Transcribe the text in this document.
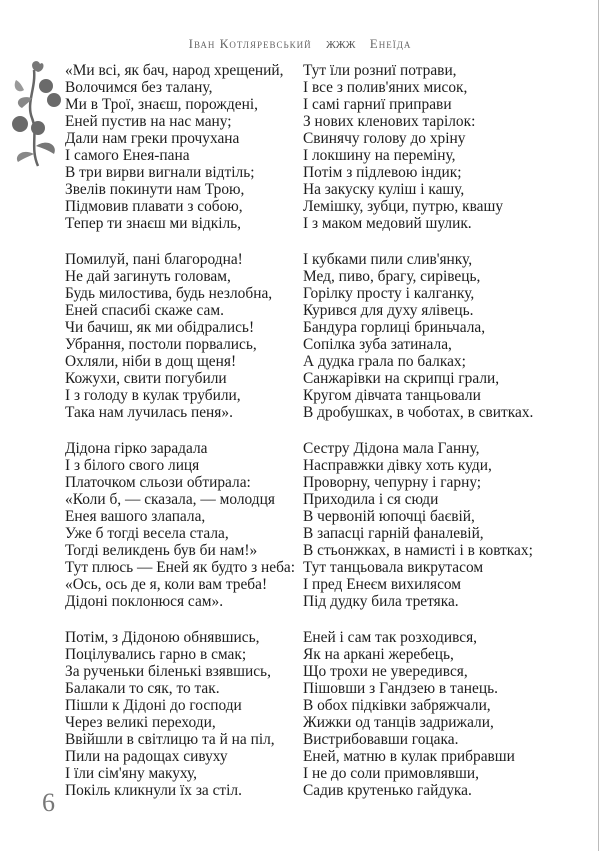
Іван Котляревський ЖЖЖ Енеїда
«Ми всі, як бач, народ хрещений,
Волочимся без талану,
Ми в Трої, знаєш, порождені,
Еней пустив на нас ману;
Дали нам греки прочухана
І самого Енея-пана
В три вирви вигнали відтіль;
Звелів покинути нам Трою,
Підмовив плавати з собою,
Тепер ти знаєш ми відкіль,
Помилуй, пані благородна!
Не дай загинуть головам,
Будь милостива, будь незлобна,
Еней спасибі скаже сам.
Чи бачиш, як ми обідрались!
Убрання, постоли порвались,
Охляли, ніби в дощ щеня!
Кожухи, свити погубили
І з голоду в кулак трубили,
Така нам лучилась пеня».
Дідона гірко зарадала
І з білого свого лиця
Платочком сльози обтирала:
«Коли б, — сказала, — молодця
Енея вашого злапала,
Уже б тогді весела стала,
Тогді великдень був би нам!»
Тут плюсь — Еней як будто з неба:
«Ось, ось де я, коли вам треба!
Дідоні поклонюся сам».
Потім, з Дідоною обнявшись,
Поцілувались гарно в смак;
За рученьки біленькі взявшись,
Балакали то сяк, то так.
Пішли к Дідоні до господи
Через великі переходи,
Ввійшли в світлицю та й на піл,
Пили на радощах сивуху
І їли сім'яну макуху,
Покіль кликнули їх за стіл.
Тут їли розниї потрави,
І все з полив'яних мисок,
І самі гарниї приправи
З нових кленових тарілок:
Свинячу голову до хріну
І локшину на переміну,
Потім з підлевою індик;
На закуску куліш і кашу,
Лемішку, зубци, путрю, квашу
І з маком медовий шулик.
І кубками пили слив'янку,
Мед, пиво, брагу, сирівець,
Горілку просту і калганку,
Курився для духу ялівець.
Бандура горлиці бриньчала,
Сопілка зуба затинала,
А дудка грала по балках;
Санжарівки на скрипці грали,
Кругом дівчата танцьовали
В дробушках, в чоботах, в свитках.
Сестру Дідона мала Ганну,
Насправжки дівку хоть куди,
Проворну, чепурну і гарну;
Приходила і ся сюди
В червоній юпочці баєвій,
В запасці гарній фаналевій,
В стьонжках, в намисті і в ковтках;
Тут танцьовала викрутасом
І пред Енеєм вихилясом
Під дудку била третяка.
Еней і сам так розходився,
Як на аркані жеребець,
Що трохи не увередився,
Пішовши з Гандзею в танець.
В обох підківки забряжчали,
Жижки од танців задрижали,
Вистрибовавши гоцака.
Еней, матню в кулак прибравши
І не до соли примовлявши,
Садив крутенько гайдука.
6
